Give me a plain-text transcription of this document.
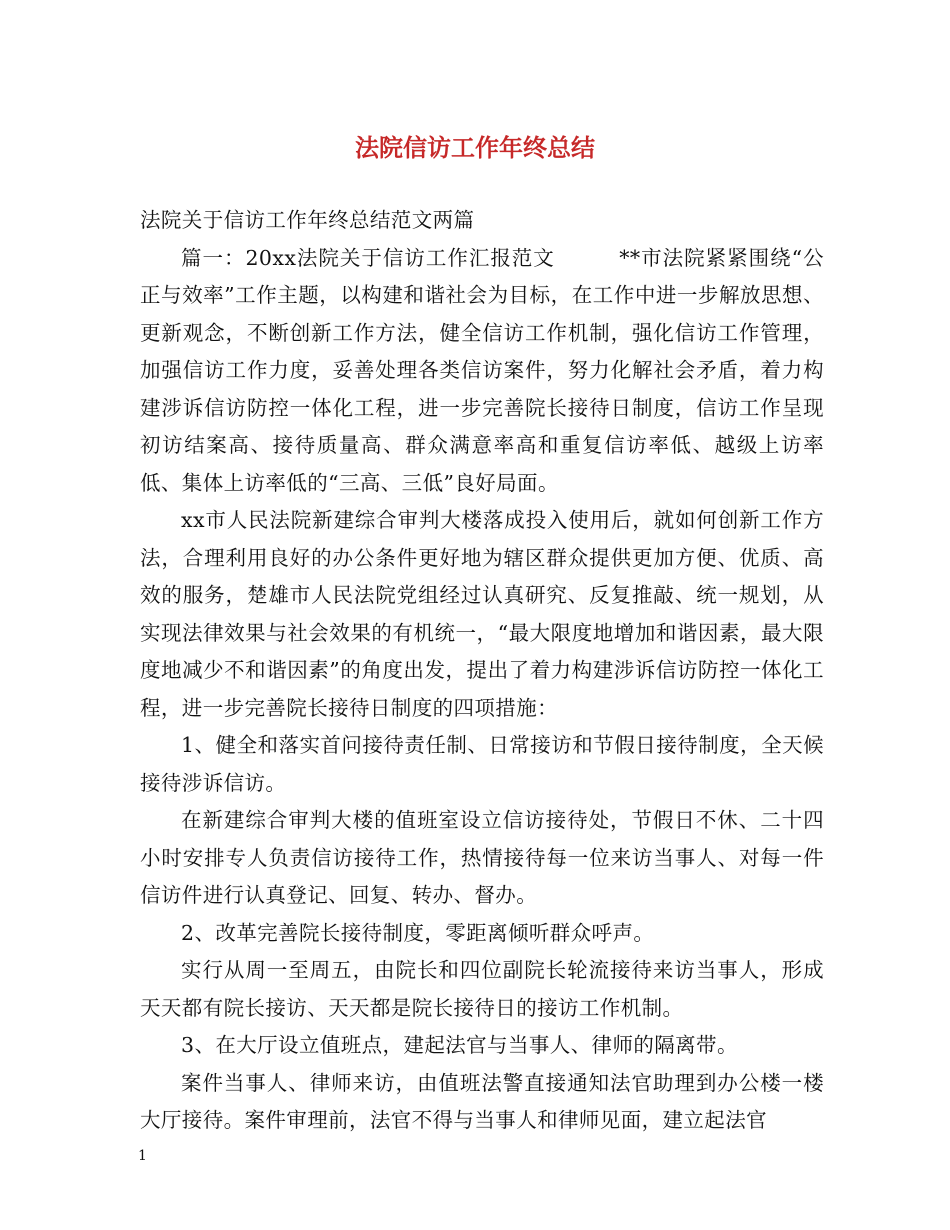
法院信访工作年终总结

法院关于信访工作年终总结范文两篇

篇一：20xx法院关于信访工作汇报范文　　　**市法院紧紧围绕“公正与效率”工作主题，以构建和谐社会为目标，在工作中进一步解放思想、更新观念，不断创新工作方法，健全信访工作机制，强化信访工作管理，加强信访工作力度，妥善处理各类信访案件，努力化解社会矛盾，着力构建涉诉信访防控一体化工程，进一步完善院长接待日制度，信访工作呈现初访结案高、接待质量高、群众满意率高和重复信访率低、越级上访率低、集体上访率低的“三高、三低”良好局面。

xx市人民法院新建综合审判大楼落成投入使用后，就如何创新工作方法，合理利用良好的办公条件更好地为辖区群众提供更加方便、优质、高效的服务，楚雄市人民法院党组经过认真研究、反复推敲、统一规划，从实现法律效果与社会效果的有机统一，“最大限度地增加和谐因素，最大限度地减少不和谐因素”的角度出发，提出了着力构建涉诉信访防控一体化工程，进一步完善院长接待日制度的四项措施：

1、健全和落实首问接待责任制、日常接访和节假日接待制度，全天候接待涉诉信访。

在新建综合审判大楼的值班室设立信访接待处，节假日不休、二十四小时安排专人负责信访接待工作，热情接待每一位来访当事人、对每一件信访件进行认真登记、回复、转办、督办。

2、改革完善院长接待制度，零距离倾听群众呼声。

实行从周一至周五，由院长和四位副院长轮流接待来访当事人，形成天天都有院长接访、天天都是院长接待日的接访工作机制。

3、在大厅设立值班点，建起法官与当事人、律师的隔离带。

案件当事人、律师来访，由值班法警直接通知法官助理到办公楼一楼大厅接待。案件审理前，法官不得与当事人和律师见面，建立起法官

1
